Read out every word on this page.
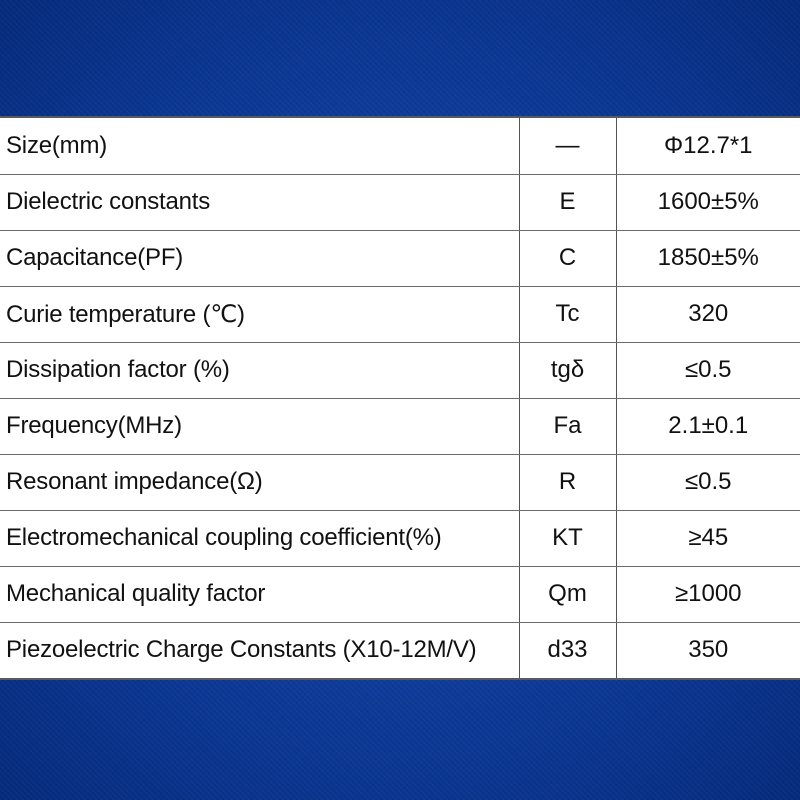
Size(mm)	—	Φ12.7*1
Dielectric constants	E	1600±5%
Capacitance(PF)	C	1850±5%
Curie temperature (℃)	Tc	320
Dissipation factor (%)	tgδ	≤0.5
Frequency(MHz)	Fa	2.1±0.1
Resonant impedance(Ω)	R	≤0.5
Electromechanical coupling coefficient(%)	KT	≥45
Mechanical quality factor	Qm	≥1000
Piezoelectric Charge Constants (X10-12M/V)	d33	350
